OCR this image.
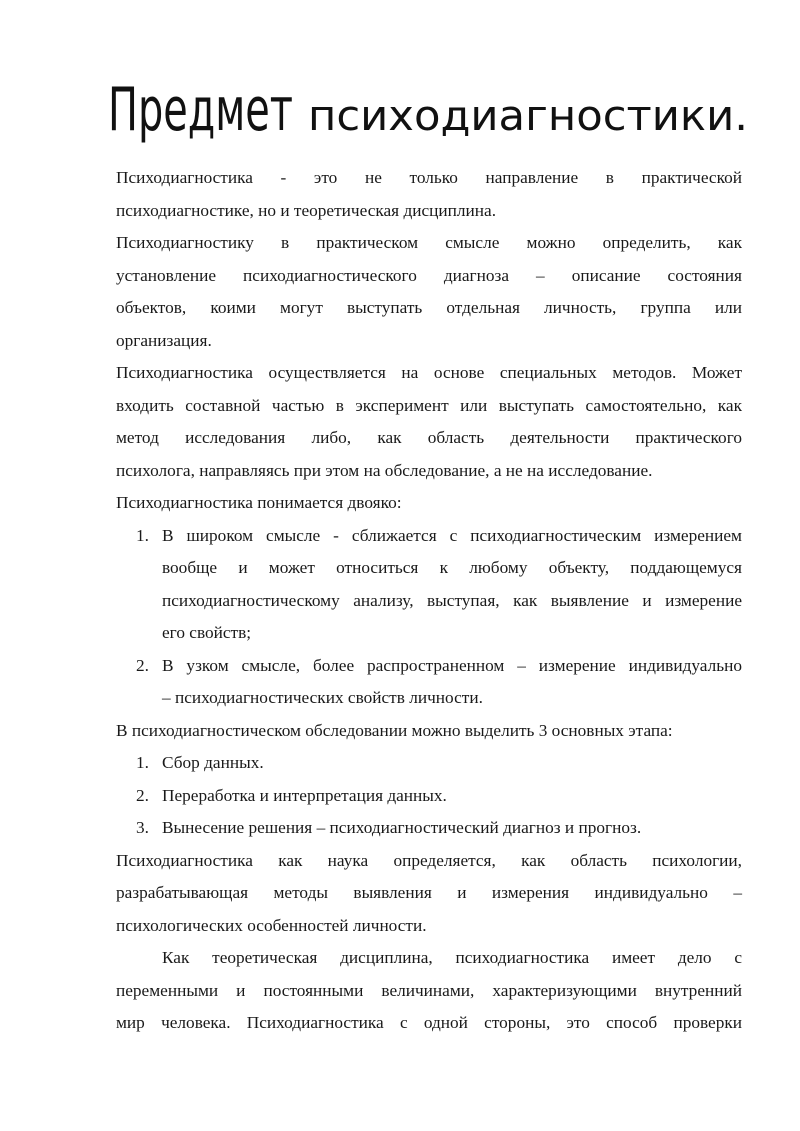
Предмет психодиагностики.

Психодиагностика - это не только направление в практической
психодиагностике, но и теоретическая дисциплина.

Психодиагностику в практическом смысле можно определить, как
установление психодиагностического диагноза – описание состояния
объектов, коими могут выступать отдельная личность, группа или
организация.

Психодиагностика осуществляется на основе специальных методов. Может
входить составной частью в эксперимент или выступать самостоятельно, как
метод исследования либо, как область деятельности практического
психолога, направляясь при этом на обследование, а не на исследование.

Психодиагностика понимается двояко:

1. В широком смысле - сближается с психодиагностическим измерением
вообще и может относиться к любому объекту, поддающемуся
психодиагностическому анализу, выступая, как выявление и измерение
его свойств;
2. В узком смысле, более распространенном – измерение индивидуально
– психодиагностических свойств личности.

В психодиагностическом обследовании можно выделить 3 основных этапа:

1. Сбор данных.
2. Переработка и интерпретация данных.
3. Вынесение решения – психодиагностический диагноз и прогноз.

Психодиагностика как наука определяется, как область психологии,
разрабатывающая методы выявления и измерения индивидуально –
психологических особенностей личности.

Как теоретическая дисциплина, психодиагностика имеет дело с
переменными и постоянными величинами, характеризующими внутренний
мир человека. Психодиагностика с одной стороны, это способ проверки
